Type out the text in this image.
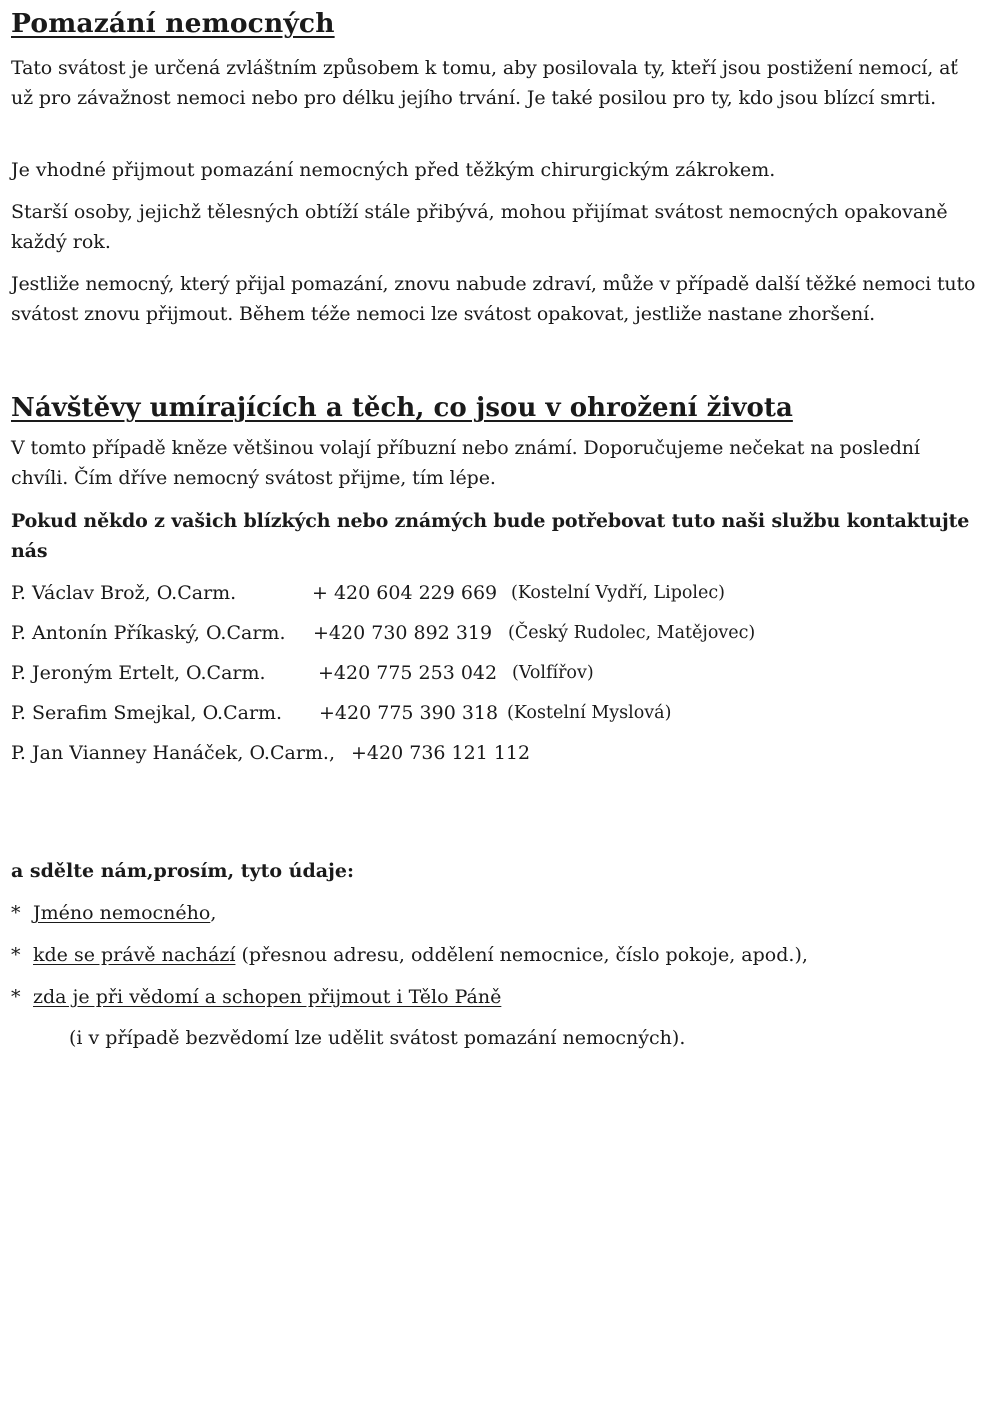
Pomazání nemocných

Tato svátost je určená zvláštním způsobem k tomu, aby posilovala ty, kteří jsou postižení nemocí, ať už pro závažnost nemoci nebo pro délku jejího trvání. Je také posilou pro ty, kdo jsou blízcí smrti.

Je vhodné přijmout pomazání nemocných před těžkým chirurgickým zákrokem.

Starší osoby, jejichž tělesných obtíží stále přibývá, mohou přijímat svátost nemocných opakovaně každý rok.

Jestliže nemocný, který přijal pomazání, znovu nabude zdraví, může v případě další těžké nemoci tuto svátost znovu přijmout. Během téže nemoci lze svátost opakovat, jestliže nastane zhoršení.

Návštěvy umírajících a těch, co jsou v ohrožení života

V tomto případě kněze většinou volají příbuzní nebo známí. Doporučujeme nečekat na poslední chvíli. Čím dříve nemocný svátost přijme, tím lépe.

Pokud někdo z vašich blízkých nebo známých bude potřebovat tuto naši službu kontaktujte nás

P. Václav Brož, O.Carm.	+ 420 604 229 669 (Kostelní Vydří, Lipolec)
P. Antonín Příkaský, O.Carm. +420 730 892 319 (Český Rudolec, Matějovec)
P. Jeroným Ertelt, O.Carm.	+420 775 253 042 (Volfířov)
P. Serafim Smejkal, O.Carm. +420 775 390 318 (Kostelní Myslová)
P. Jan Vianney Hanáček, O.Carm., +420 736 121 112

a sdělte nám,prosím, tyto údaje:

* Jméno nemocného,
* kde se právě nachází (přesnou adresu, oddělení nemocnice, číslo pokoje, apod.),
* zda je při vědomí a schopen přijmout i Tělo Páně

(i v případě bezvědomí lze udělit svátost pomazání nemocných).
